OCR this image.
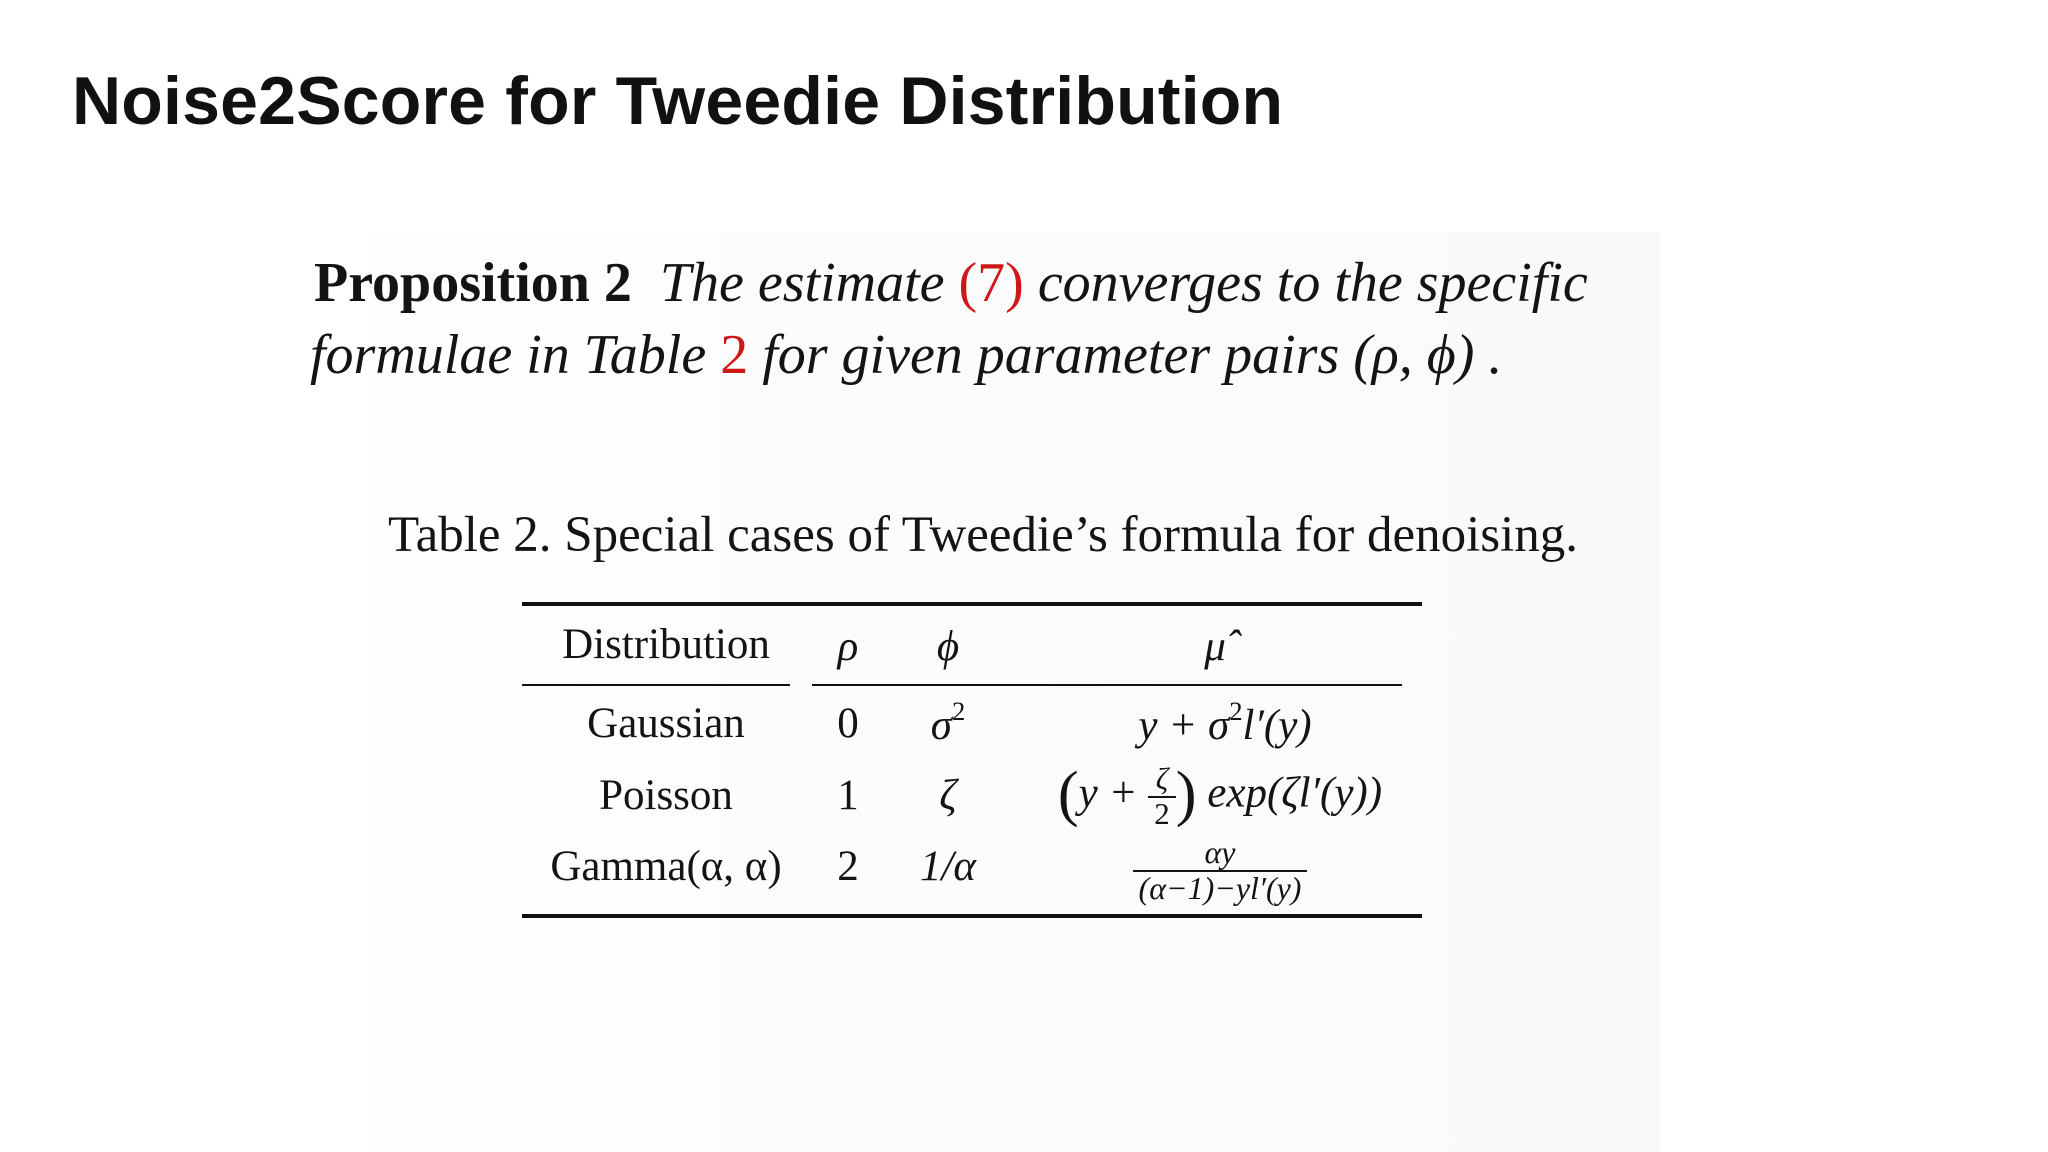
Noise2Score for Tweedie Distribution
Proposition 2 The estimate (7) converges to the specific
formulae in Table 2 for given parameter pairs (ρ, ϕ) .
Table 2. Special cases of Tweedie’s formula for denoising.
Distribution	ρ	ϕ	μ̂
Gaussian	0	$\sigma^2$	$y + \sigma^2l'(y)$
Poisson	1	ζ	($y + \frac{\zeta}{2}$ ) exp(ζl′(y))
Gamma(α, α)	2	1/α	$\frac{\alpha y}{(\alpha-1)-yl'(y)}$
